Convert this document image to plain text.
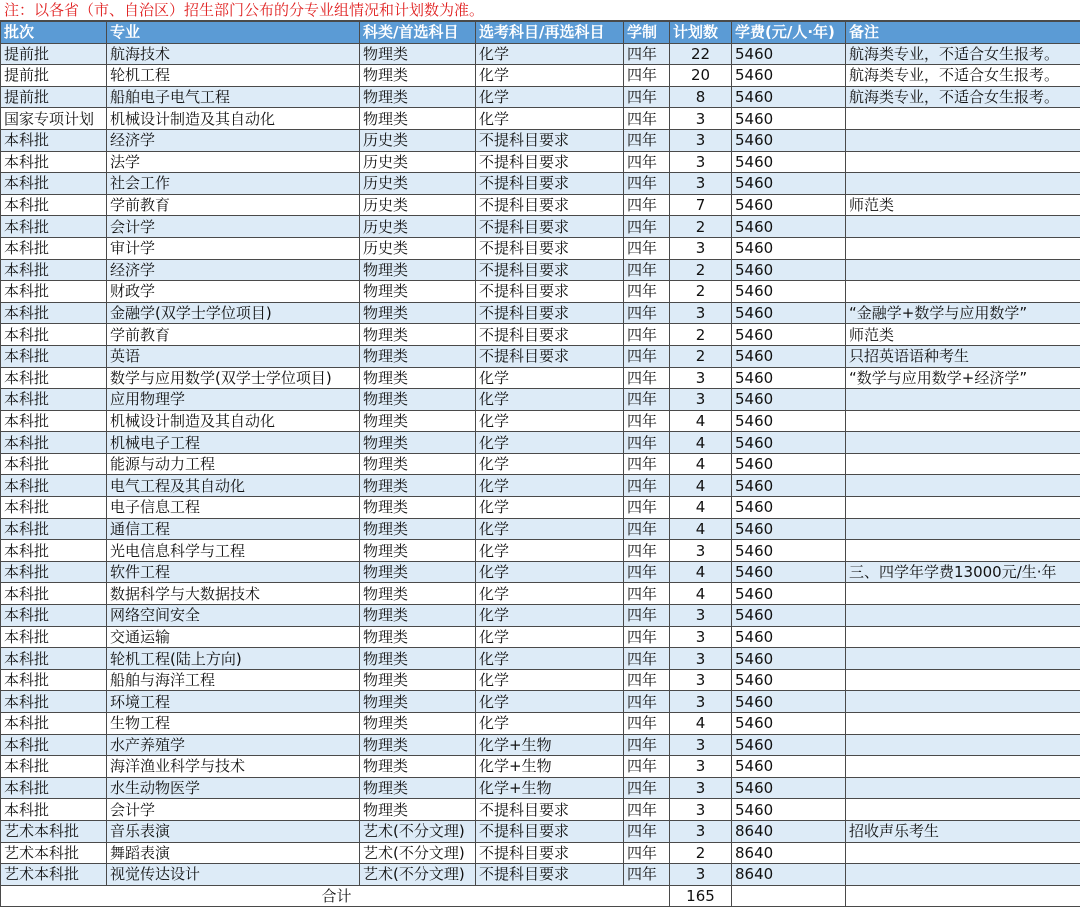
注：以各省（市、自治区）招生部门公布的分专业组情况和计划数为准。
批次	专业	科类/首选科目	选考科目/再选科目	学制	计划数	学费(元/人·年)	备注
提前批	航海技术	物理类	化学	四年	22	5460	航海类专业，不适合女生报考。
提前批	轮机工程	物理类	化学	四年	20	5460	航海类专业，不适合女生报考。
提前批	船舶电子电气工程	物理类	化学	四年	8	5460	航海类专业，不适合女生报考。
国家专项计划	机械设计制造及其自动化	物理类	化学	四年	3	5460	
本科批	经济学	历史类	不提科目要求	四年	3	5460	
本科批	法学	历史类	不提科目要求	四年	3	5460	
本科批	社会工作	历史类	不提科目要求	四年	3	5460	
本科批	学前教育	历史类	不提科目要求	四年	7	5460	师范类
本科批	会计学	历史类	不提科目要求	四年	2	5460	
本科批	审计学	历史类	不提科目要求	四年	3	5460	
本科批	经济学	物理类	不提科目要求	四年	2	5460	
本科批	财政学	物理类	不提科目要求	四年	2	5460	
本科批	金融学(双学士学位项目)	物理类	不提科目要求	四年	3	5460	“金融学+数学与应用数学”
本科批	学前教育	物理类	不提科目要求	四年	2	5460	师范类
本科批	英语	物理类	不提科目要求	四年	2	5460	只招英语语种考生
本科批	数学与应用数学(双学士学位项目)	物理类	化学	四年	3	5460	“数学与应用数学+经济学”
本科批	应用物理学	物理类	化学	四年	3	5460	
本科批	机械设计制造及其自动化	物理类	化学	四年	4	5460	
本科批	机械电子工程	物理类	化学	四年	4	5460	
本科批	能源与动力工程	物理类	化学	四年	4	5460	
本科批	电气工程及其自动化	物理类	化学	四年	4	5460	
本科批	电子信息工程	物理类	化学	四年	4	5460	
本科批	通信工程	物理类	化学	四年	4	5460	
本科批	光电信息科学与工程	物理类	化学	四年	3	5460	
本科批	软件工程	物理类	化学	四年	4	5460	三、四学年学费13000元/生·年
本科批	数据科学与大数据技术	物理类	化学	四年	4	5460	
本科批	网络空间安全	物理类	化学	四年	3	5460	
本科批	交通运输	物理类	化学	四年	3	5460	
本科批	轮机工程(陆上方向)	物理类	化学	四年	3	5460	
本科批	船舶与海洋工程	物理类	化学	四年	3	5460	
本科批	环境工程	物理类	化学	四年	3	5460	
本科批	生物工程	物理类	化学	四年	4	5460	
本科批	水产养殖学	物理类	化学+生物	四年	3	5460	
本科批	海洋渔业科学与技术	物理类	化学+生物	四年	3	5460	
本科批	水生动物医学	物理类	化学+生物	四年	3	5460	
本科批	会计学	物理类	不提科目要求	四年	3	5460	
艺术本科批	音乐表演	艺术(不分文理)	不提科目要求	四年	3	8640	招收声乐考生
艺术本科批	舞蹈表演	艺术(不分文理)	不提科目要求	四年	2	8640	
艺术本科批	视觉传达设计	艺术(不分文理)	不提科目要求	四年	3	8640	
合计					165		
